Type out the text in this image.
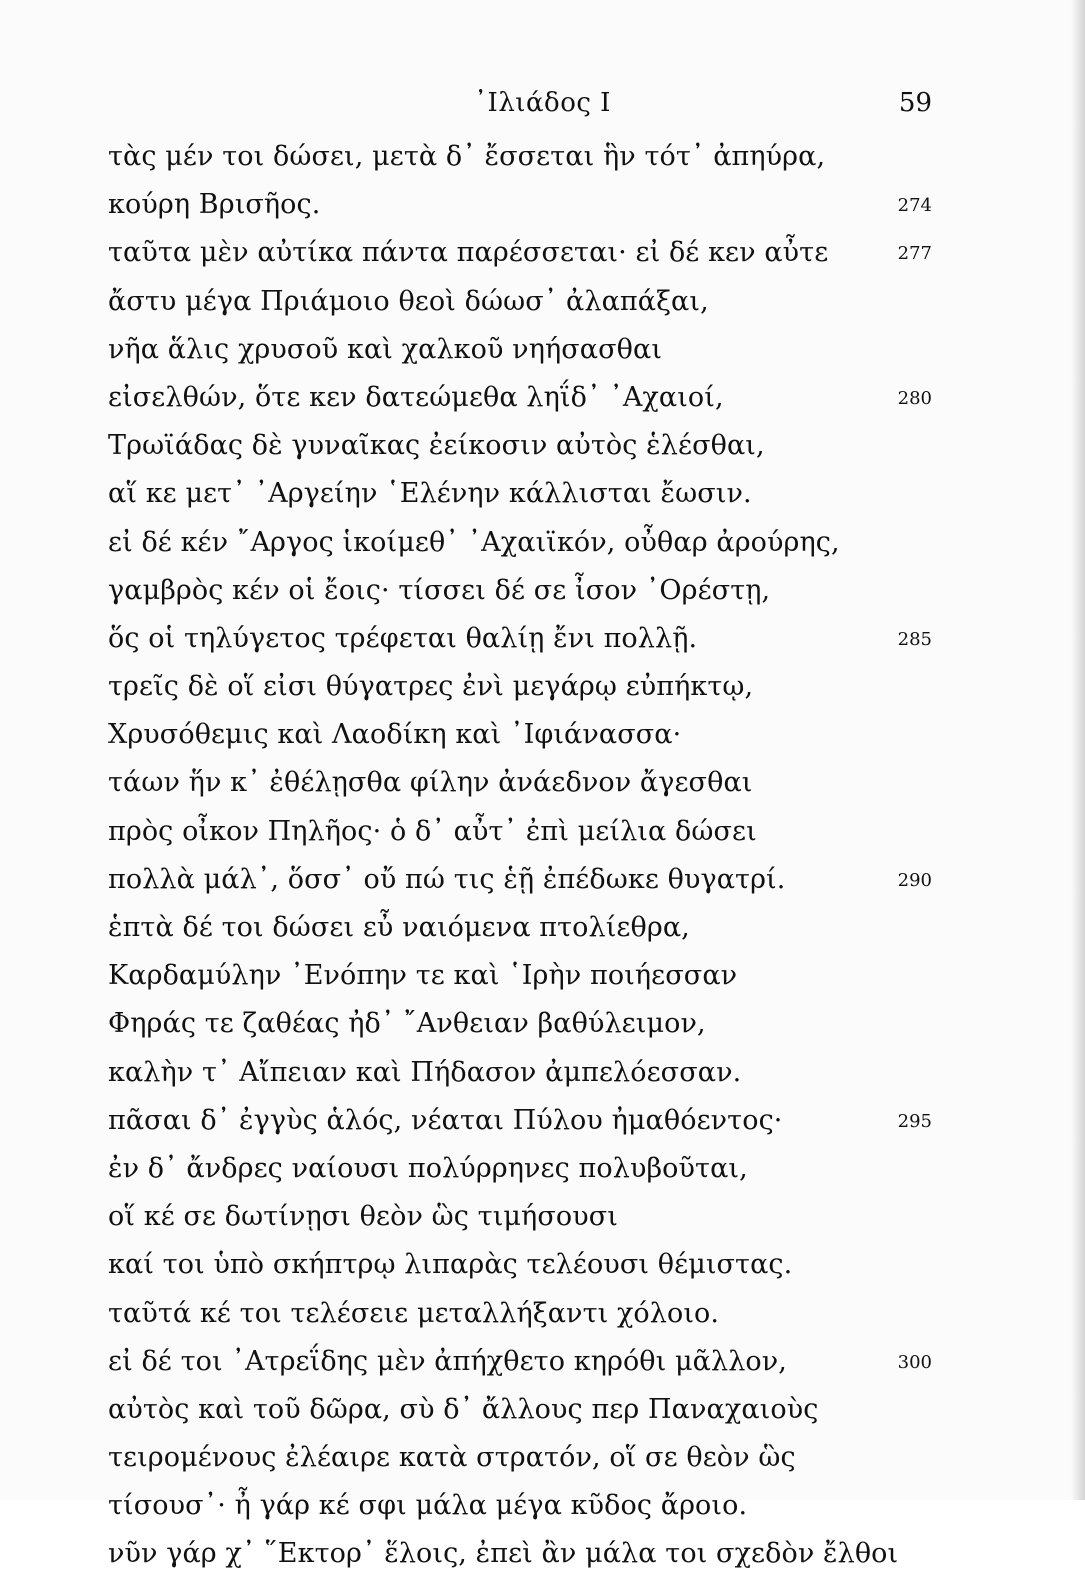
᾿Ιλιάδος Ι	59
τὰς μέν τοι δώσει, μετὰ δ᾿ ἔσσεται ἣν τότ᾿ ἀπηύρα,
κούρη Βρισῆος.	274
ταῦτα μὲν αὐτίκα πάντα παρέσσεται· εἰ δέ κεν αὖτε	277
ἄστυ μέγα Πριάμοιο θεοὶ δώωσ᾿ ἀλαπάξαι,
νῆα ἅλις χρυσοῦ καὶ χαλκοῦ νηήσασθαι
εἰσελθών, ὅτε κεν δατεώμεθα ληΐδ᾿ ᾿Αχαιοί,	280
Τρωϊάδας δὲ γυναῖκας ἐείκοσιν αὐτὸς ἑλέσθαι,
αἵ κε μετ᾿ ᾿Αργείην ῾Ελένην κάλλισται ἔωσιν.
εἰ δέ κέν ῎Αργος ἱκοίμεθ᾿ ᾿Αχαιϊκόν, οὖθαρ ἀρούρης,
γαμβρὸς κέν οἱ ἔοις· τίσσει δέ σε ἶσον ᾿Ορέστῃ,
ὅς οἱ τηλύγετος τρέφεται θαλίῃ ἔνι πολλῇ.	285
τρεῖς δὲ οἵ εἰσι θύγατρες ἐνὶ μεγάρῳ εὐπήκτῳ,
Χρυσόθεμις καὶ Λαοδίκη καὶ ᾿Ιφιάνασσα·
τάων ἥν κ᾿ ἐθέλῃσθα φίλην ἀνάεδνον ἄγεσθαι
πρὸς οἶκον Πηλῆος· ὁ δ᾿ αὖτ᾿ ἐπὶ μείλια δώσει
πολλὰ μάλ᾿, ὅσσ᾿ οὔ πώ τις ἑῇ ἐπέδωκε θυγατρί.	290
ἑπτὰ δέ τοι δώσει εὖ ναιόμενα πτολίεθρα,
Καρδαμύλην ᾿Ενόπην τε καὶ ῾Ιρὴν ποιήεσσαν
Φηράς τε ζαθέας ἠδ᾿ ῎Ανθειαν βαθύλειμον,
καλὴν τ᾿ Αἴπειαν καὶ Πήδασον ἀμπελόεσσαν.
πᾶσαι δ᾿ ἐγγὺς ἁλός, νέαται Πύλου ἠμαθόεντος·	295
ἐν δ᾿ ἄνδρες ναίουσι πολύρρηνες πολυβοῦται,
οἵ κέ σε δωτίνῃσι θεὸν ὣς τιμήσουσι
καί τοι ὑπὸ σκήπτρῳ λιπαρὰς τελέουσι θέμιστας.
ταῦτά κέ τοι τελέσειε μεταλλήξαντι χόλοιο.
εἰ δέ τοι ᾿Ατρεΐδης μὲν ἀπήχθετο κηρόθι μᾶλλον,	300
αὐτὸς καὶ τοῦ δῶρα, σὺ δ᾿ ἄλλους περ Παναχαιοὺς
τειρομένους ἐλέαιρε κατὰ στρατόν, οἵ σε θεὸν ὣς
τίσουσ᾿· ἦ γάρ κέ σφι μάλα μέγα κῦδος ἄροιο.
νῦν γάρ χ᾿ ῞Εκτορ᾿ ἕλοις, ἐπεὶ ἂν μάλα τοι σχεδὸν ἔλθοι
